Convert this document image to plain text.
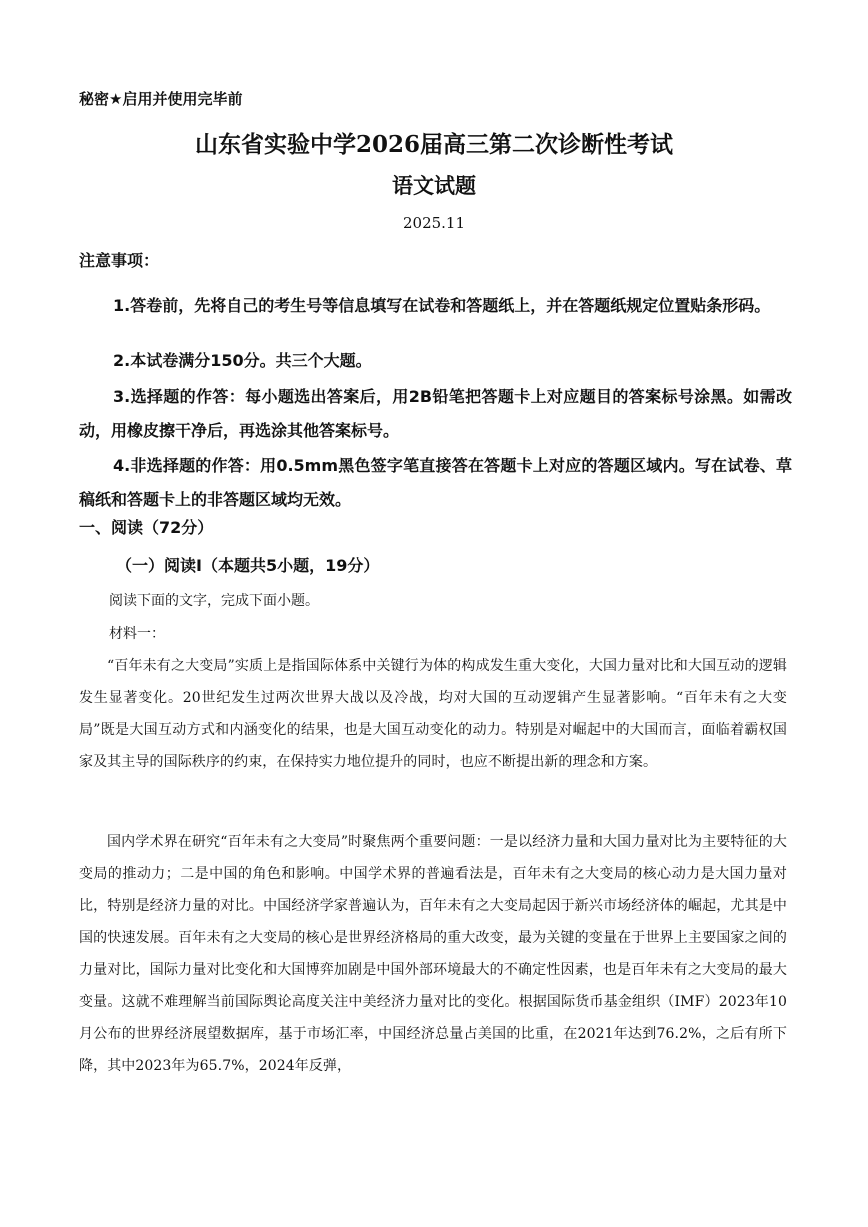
秘密★启用并使用完毕前
山东省实验中学2026届高三第二次诊断性考试
语文试题
2025.11
注意事项：
1.答卷前，先将自己的考生号等信息填写在试卷和答题纸上，并在答题纸规定位置贴条形码。
2.本试卷满分150分。共三个大题。
3.选择题的作答：每小题选出答案后，用2B铅笔把答题卡上对应题目的答案标号涂黑。如需改动，用橡皮擦干净后，再选涂其他答案标号。
4.非选择题的作答：用0.5mm黑色签字笔直接答在答题卡上对应的答题区域内。写在试卷、草稿纸和答题卡上的非答题区域均无效。
一、阅读（72分）
（一）阅读Ⅰ（本题共5小题，19分）
阅读下面的文字，完成下面小题。
材料一：
“百年未有之大变局”实质上是指国际体系中关键行为体的构成发生重大变化，大国力量对比和大国互动的逻辑发生显著变化。20世纪发生过两次世界大战以及冷战，均对大国的互动逻辑产生显著影响。“百年未有之大变局”既是大国互动方式和内涵变化的结果，也是大国互动变化的动力。特别是对崛起中的大国而言，面临着霸权国家及其主导的国际秩序的约束，在保持实力地位提升的同时，也应不断提出新的理念和方案。
国内学术界在研究“百年未有之大变局”时聚焦两个重要问题：一是以经济力量和大国力量对比为主要特征的大变局的推动力；二是中国的角色和影响。中国学术界的普遍看法是，百年未有之大变局的核心动力是大国力量对比，特别是经济力量的对比。中国经济学家普遍认为，百年未有之大变局起因于新兴市场经济体的崛起，尤其是中国的快速发展。百年未有之大变局的核心是世界经济格局的重大改变，最为关键的变量在于世界上主要国家之间的力量对比，国际力量对比变化和大国博弈加剧是中国外部环境最大的不确定性因素，也是百年未有之大变局的最大变量。这就不难理解当前国际舆论高度关注中美经济力量对比的变化。根据国际货币基金组织（IMF）2023年10月公布的世界经济展望数据库，基于市场汇率，中国经济总量占美国的比重，在2021年达到76.2%，之后有所下降，其中2023年为65.7%，2024年反弹，
